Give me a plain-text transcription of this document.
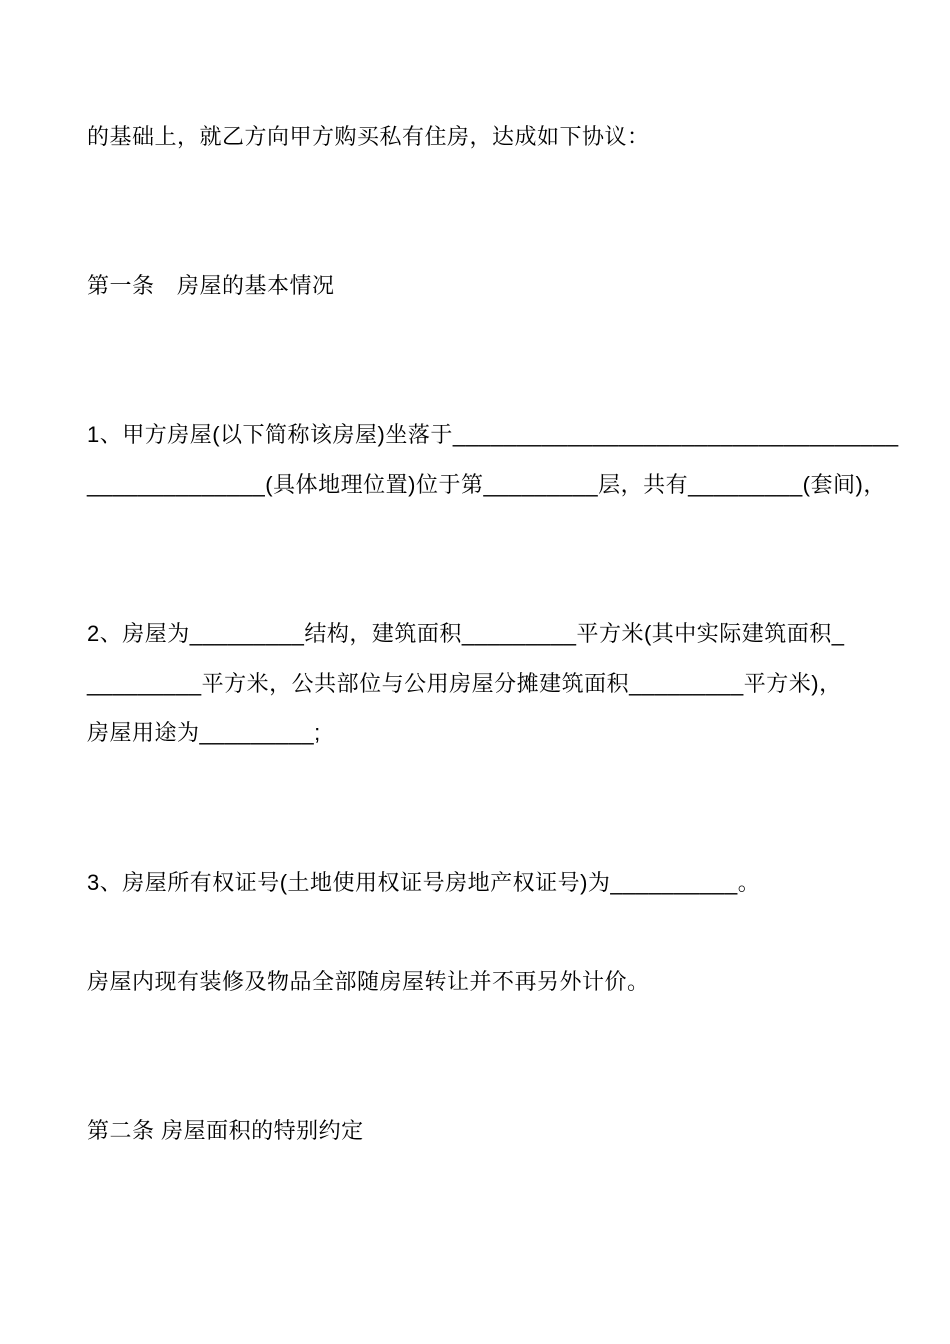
的基础上，就乙方向甲方购买私有住房，达成如下协议：
第一条　房屋的基本情况
1、甲方房屋(以下简称该房屋)坐落于___________________________________
______________(具体地理位置)位于第_________层，共有_________(套间)，
2、房屋为_________结构，建筑面积_________平方米(其中实际建筑面积_
_________平方米，公共部位与公用房屋分摊建筑面积_________平方米)，
房屋用途为_________;
3、房屋所有权证号(土地使用权证号房地产权证号)为__________。
房屋内现有装修及物品全部随房屋转让并不再另外计价。
第二条 房屋面积的特别约定
